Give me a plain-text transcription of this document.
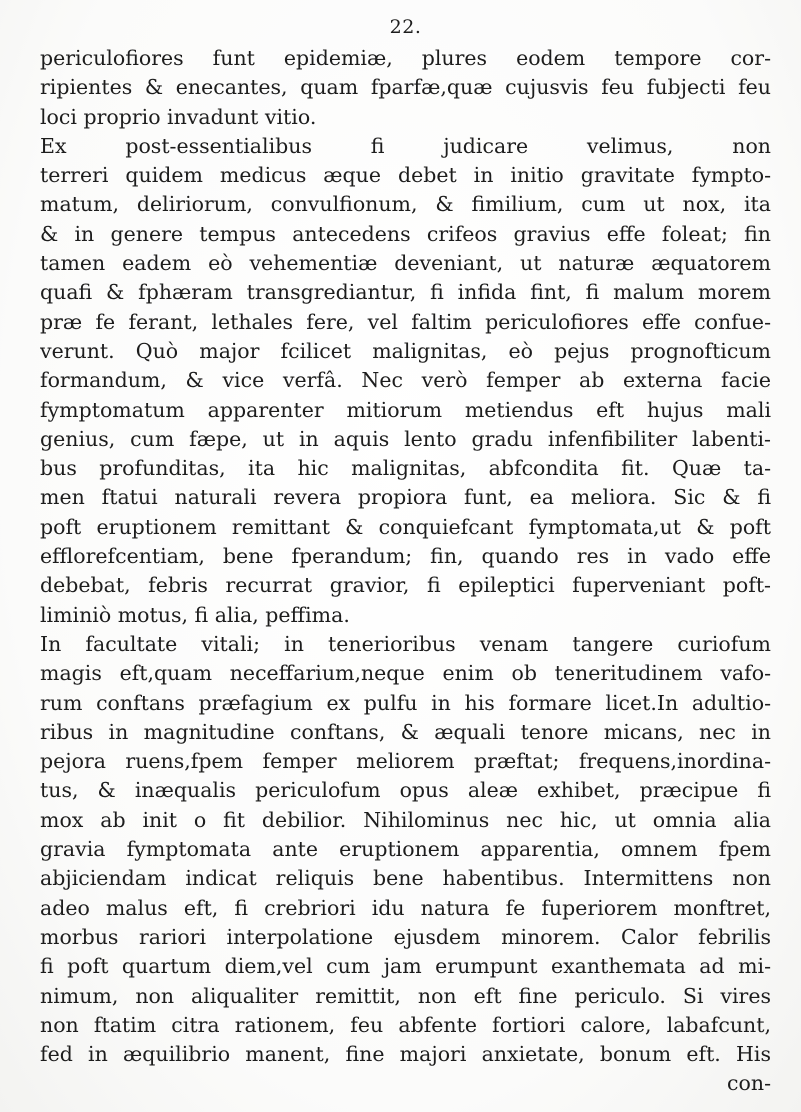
22.
periculofiores funt epidemiæ, plures eodem tempore cor-
ripientes & enecantes, quam fparfæ,quæ cujusvis feu fubjecti feu
loci proprio invadunt vitio.
Ex post-essentialibus fi judicare velimus, non
terreri quidem medicus æque debet in initio gravitate fympto-
matum, deliriorum, convulfionum, & fimilium, cum ut nox, ita
& in genere tempus antecedens crifeos gravius effe foleat; fin
tamen eadem eò vehementiæ deveniant, ut naturæ æquatorem
quafi & fphæram transgrediantur, fi infida fint, fi malum morem
præ fe ferant, lethales fere, vel faltim periculofiores effe confue-
verunt. Quò major fcilicet malignitas, eò pejus prognofticum
formandum, & vice verfâ. Nec verò femper ab externa facie
fymptomatum apparenter mitiorum metiendus eft hujus mali
genius, cum fæpe, ut in aquis lento gradu infenfibiliter labenti-
bus profunditas, ita hic malignitas, abfcondita fit. Quæ ta-
men ftatui naturali revera propiora funt, ea meliora. Sic & fi
poft eruptionem remittant & conquiefcant fymptomata,ut & poft
efflorefcentiam, bene fperandum; fin, quando res in vado effe
debebat, febris recurrat gravior, fi epileptici fuperveniant poft-
liminiò motus, fi alia, peffima.
In facultate vitali; in tenerioribus venam tangere curiofum
magis eft,quam neceffarium,neque enim ob teneritudinem vafo-
rum conftans præfagium ex pulfu in his formare licet.In adultio-
ribus in magnitudine conftans, & æquali tenore micans, nec in
pejora ruens,fpem femper meliorem præftat; frequens,inordina-
tus, & inæqualis periculofum opus aleæ exhibet, præcipue fi
mox ab init o fit debilior. Nihilominus nec hic, ut omnia alia
gravia fymptomata ante eruptionem apparentia, omnem fpem
abjiciendam indicat reliquis bene habentibus. Intermittens non
adeo malus eft, fi crebriori idu natura fe fuperiorem monftret,
morbus rariori interpolatione ejusdem minorem. Calor febrilis
fi poft quartum diem,vel cum jam erumpunt exanthemata ad mi-
nimum, non aliqualiter remittit, non eft fine periculo. Si vires
non ftatim citra rationem, feu abfente fortiori calore, labafcunt,
fed in æquilibrio manent, fine majori anxietate, bonum eft. His
con-
